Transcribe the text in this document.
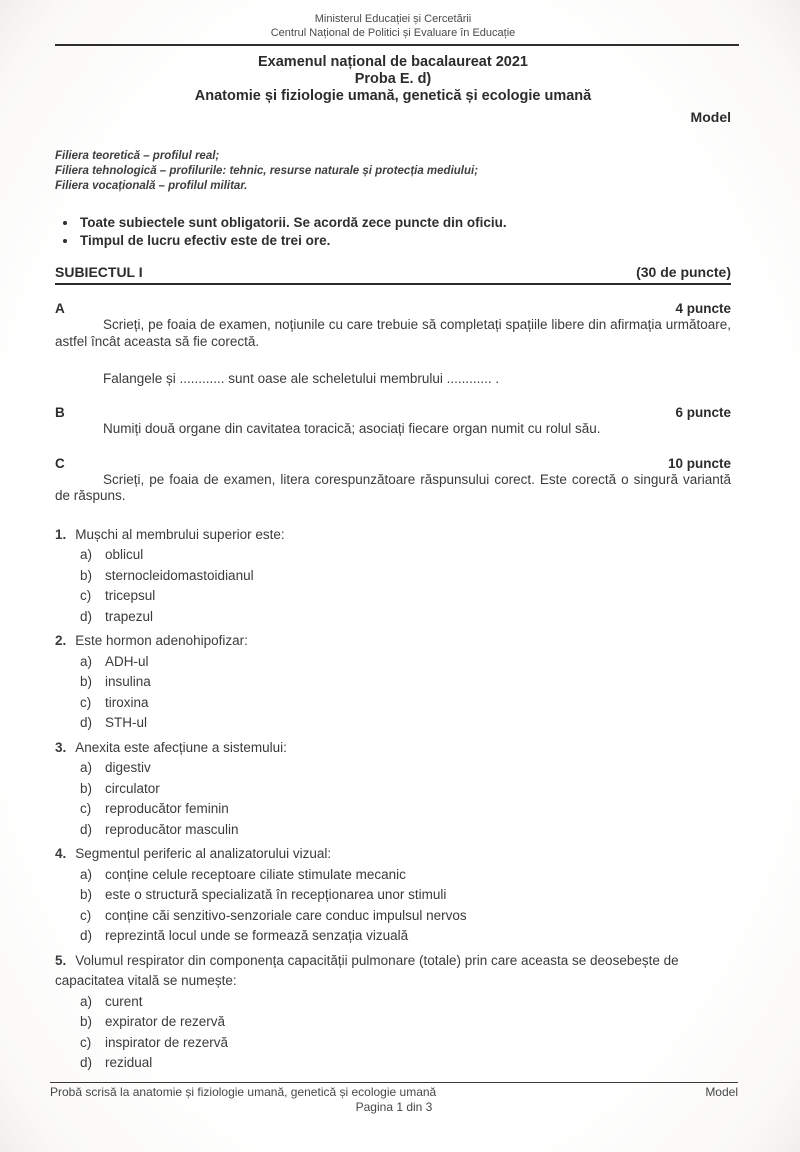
Ministerul Educației și Cercetării
Centrul Național de Politici și Evaluare în Educație
Examenul național de bacalaureat 2021
Proba E. d)
Anatomie și fiziologie umană, genetică și ecologie umană
Model
Filiera teoretică – profilul real;
Filiera tehnologică – profilurile: tehnic, resurse naturale și protecția mediului;
Filiera vocațională – profilul militar.
• Toate subiectele sunt obligatorii. Se acordă zece puncte din oficiu.
• Timpul de lucru efectiv este de trei ore.
SUBIECTUL I	(30 de puncte)
A	4 puncte
Scrieți, pe foaia de examen, noțiunile cu care trebuie să completați spațiile libere din afirmația următoare, astfel încât aceasta să fie corectă.
Falangele și ............ sunt oase ale scheletului membrului ............ .
B	6 puncte
Numiți două organe din cavitatea toracică; asociați fiecare organ numit cu rolul său.
C	10 puncte
Scrieți, pe foaia de examen, litera corespunzătoare răspunsului corect. Este corectă o singură variantă de răspuns.
1. Mușchi al membrului superior este:
a) oblicul
b) sternocleidomastoidianul
c)	tricepsul
d) trapezul
2. Este hormon adenohipofizar:
a) ADH-ul
b) insulina
c)	tiroxina
d) STH-ul
3. Anexita este afecțiune a sistemului:
a) digestiv
b) circulator
c)	reproducător feminin
d) reproducător masculin
4. Segmentul periferic al analizatorului vizual:
a) conține celule receptoare ciliate stimulate mecanic
b) este o structură specializată în recepționarea unor stimuli
c)	conține căi senzitivo-senzoriale care conduc impulsul nervos
d) reprezintă locul unde se formează senzația vizuală
5. Volumul respirator din componența capacității pulmonare (totale) prin care aceasta se deosebește de capacitatea vitală se numește:
a) curent
b) expirator de rezervă
c)	inspirator de rezervă
d) rezidual
Probă scrisă la anatomie și fiziologie umană, genetică și ecologie umană	Model
Pagina 1 din 3
